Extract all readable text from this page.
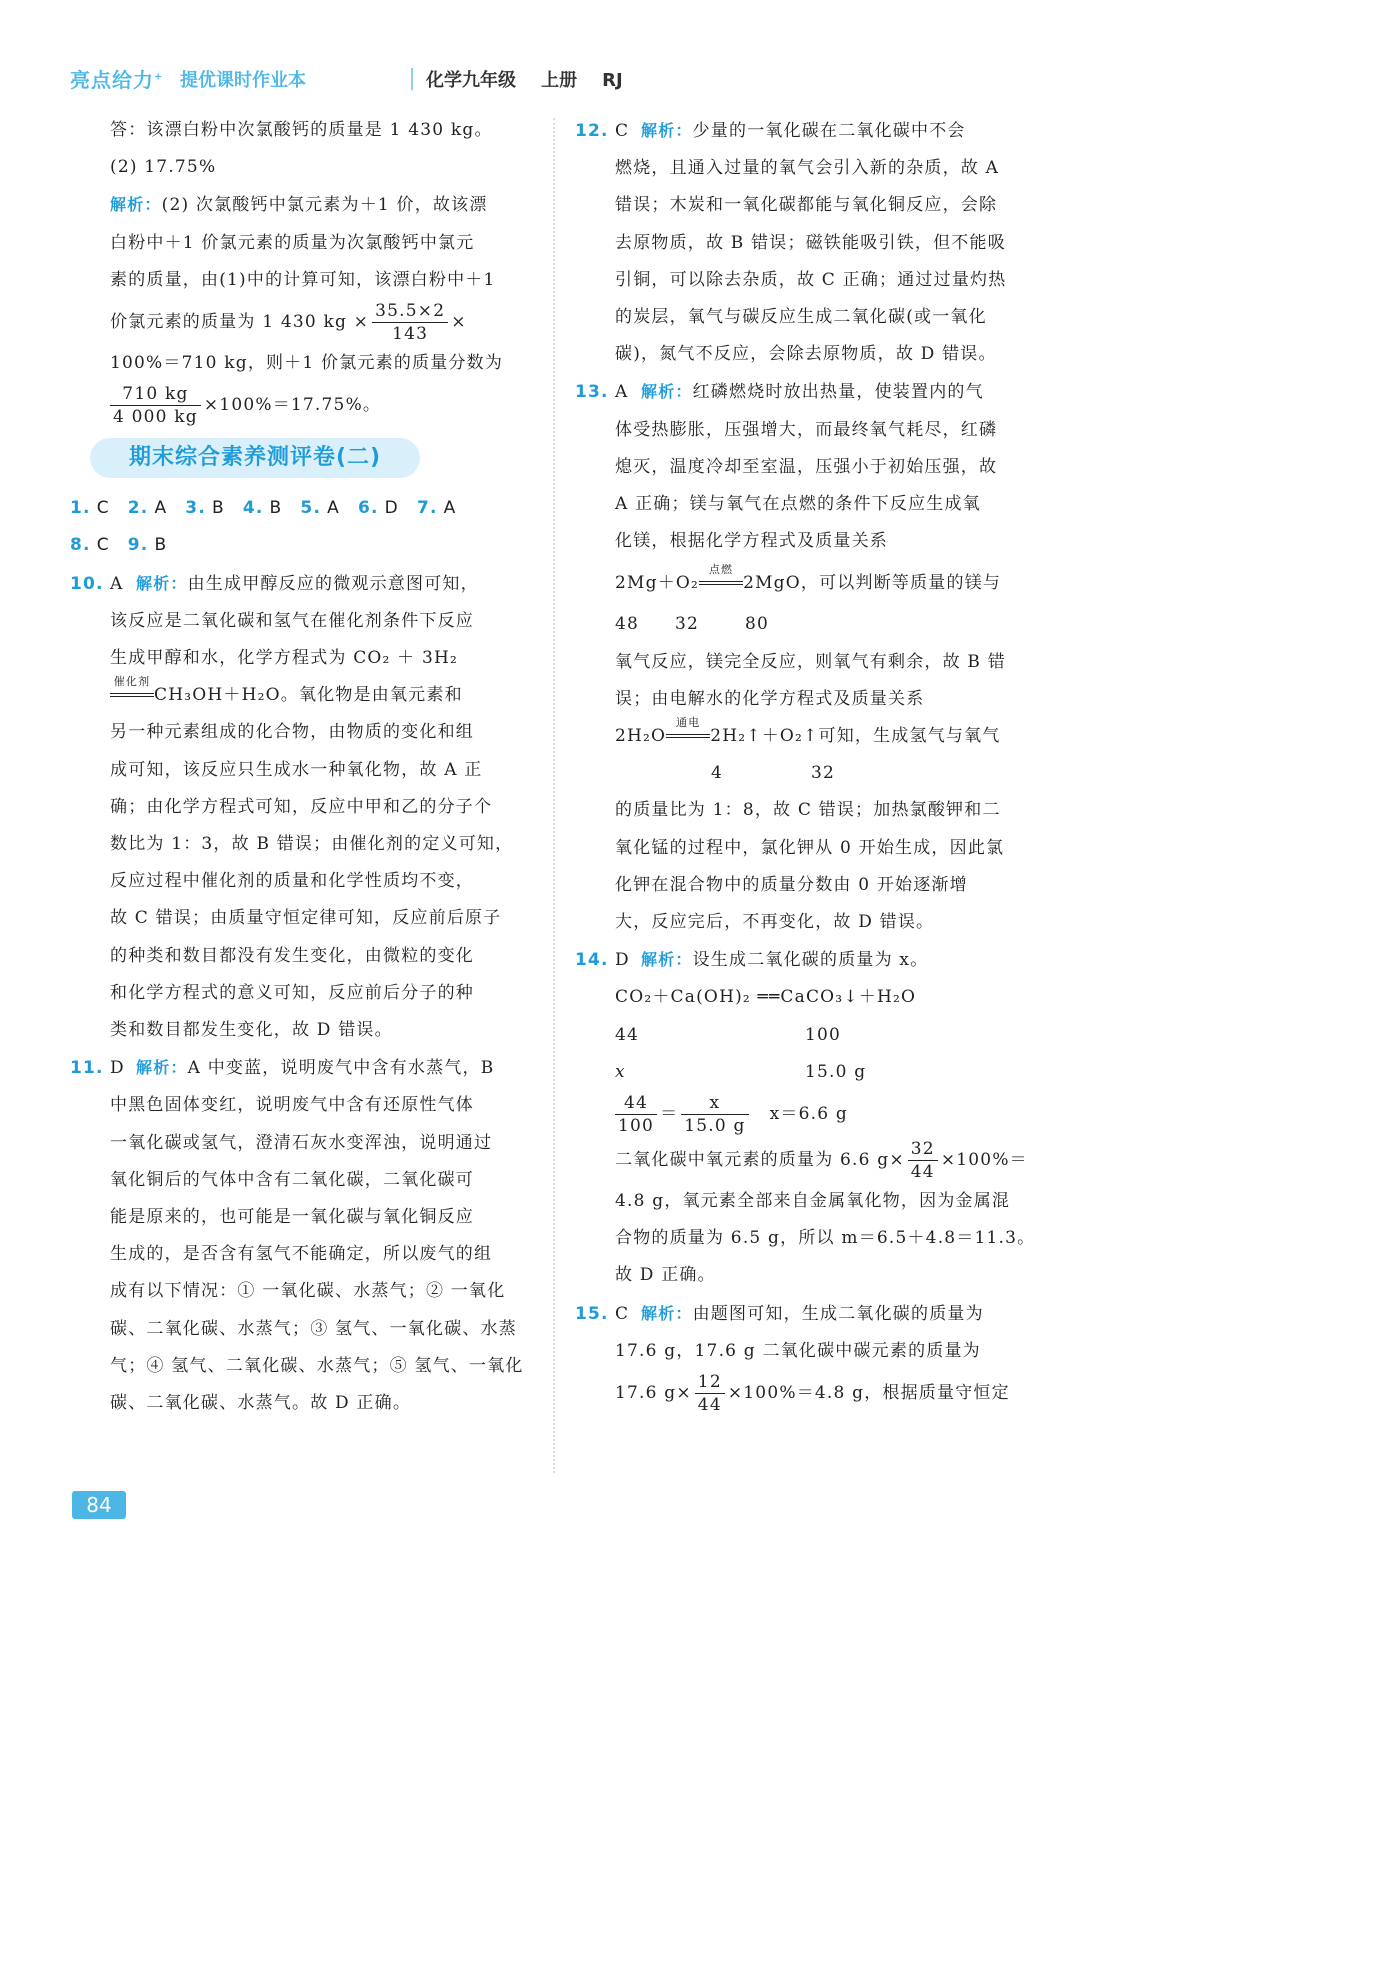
亮点给力+ 提优课时作业本	化学九年级    上册    RJ

答：该漂白粉中次氯酸钙的质量是 1 430 kg。

(2) 17.75%

解析：(2) 次氯酸钙中氯元素为＋1 价，故该漂

白粉中＋1 价氯元素的质量为次氯酸钙中氯元

素的质量，由(1)中的计算可知，该漂白粉中＋1

价氯元素的质量为 1 430 kg × $\frac{35.5\times 2}{143}$ ×

100%＝710 kg，则＋1 价氯元素的质量分数为

$\frac{710 kg}{4 000 kg} \times 100\%=17.75\%$。

期末综合素养测评卷(二)

1. C 2. A 3. B 4. B 5. A 6. D 7. A

8. C 9. B

10. A 解析：由生成甲醇反应的微观示意图可知，

该反应是二氧化碳和氢气在催化剂条件下反应

生成甲醇和水，化学方程式为 CO₂ ＋ 3H₂

催化剂
CH₃OH＋H₂O。氧化物是由氧元素和

另一种元素组成的化合物，由物质的变化和组

成可知，该反应只生成水一种氧化物，故 A 正

确；由化学方程式可知，反应中甲和乙的分子个

数比为 1：3，故 B 错误；由催化剂的定义可知，

反应过程中催化剂的质量和化学性质均不变，

故 C 错误；由质量守恒定律可知，反应前后原子

的种类和数目都没有发生变化，由微粒的变化

和化学方程式的意义可知，反应前后分子的种

类和数目都发生变化，故 D 错误。

11. D 解析：A 中变蓝，说明废气中含有水蒸气，B

中黑色固体变红，说明废气中含有还原性气体

一氧化碳或氢气，澄清石灰水变浑浊，说明通过

氧化铜后的气体中含有二氧化碳，二氧化碳可

能是原来的，也可能是一氧化碳与氧化铜反应

生成的，是否含有氢气不能确定，所以废气的组

成有以下情况：① 一氧化碳、水蒸气；② 一氧化

碳、二氧化碳、水蒸气；③ 氢气、一氧化碳、水蒸

气；④ 氢气、二氧化碳、水蒸气；⑤ 氢气、一氧化

碳、二氧化碳、水蒸气。故 D 正确。

12. C 解析：少量的一氧化碳在二氧化碳中不会

燃烧，且通入过量的氧气会引入新的杂质，故 A

错误；木炭和一氧化碳都能与氧化铜反应，会除

去原物质，故 B 错误；磁铁能吸引铁，但不能吸

引铜，可以除去杂质，故 C 正确；通过过量灼热

的炭层，氧气与碳反应生成二氧化碳(或一氧化

碳)，氮气不反应，会除去原物质，故 D 错误。

13. A 解析：红磷燃烧时放出热量，使装置内的气

体受热膨胀，压强增大，而最终氧气耗尽，红磷

熄灭，温度冷却至室温，压强小于初始压强，故

A 正确；镁与氧气在点燃的条件下反应生成氧

化镁，根据化学方程式及质量关系

2Mg＋O₂
点燃
2MgO，可以判断等质量的镁与

48 32	80

氧气反应，镁完全反应，则氧气有剩余，故 B 错

误；由电解水的化学方程式及质量关系

2H₂O
通电
2H₂↑＋O₂↑可知，生成氢气与氧气

4	32

的质量比为 1：8，故 C 错误；加热氯酸钾和二

氧化锰的过程中，氯化钾从 0 开始生成，因此氯

化钾在混合物中的质量分数由 0 开始逐渐增

大，反应完后，不再变化，故 D 错误。

14. D 解析：设生成二氧化碳的质量为 x。

CO₂＋Ca(OH)₂ ══CaCO₃↓＋H₂O

44	100

x	15.0 g

$\frac{44}{100} = \frac{x}{15.0 g} x=6.6$ g

二氧化碳中氧元素的质量为 6.6 $g\times \frac{32}{44} \times 100\%=$

4.8 g，氧元素全部来自金属氧化物，因为金属混

合物的质量为 6.5 g，所以 m＝6.5＋4.8＝11.3。

故 D 正确。

15. C 解析：由题图可知，生成二氧化碳的质量为

17.6 g，17.6 g 二氧化碳中碳元素的质量为

17.6 $g\times \frac{12}{44} \times 100\%=4.8$ g，根据质量守恒定

84
